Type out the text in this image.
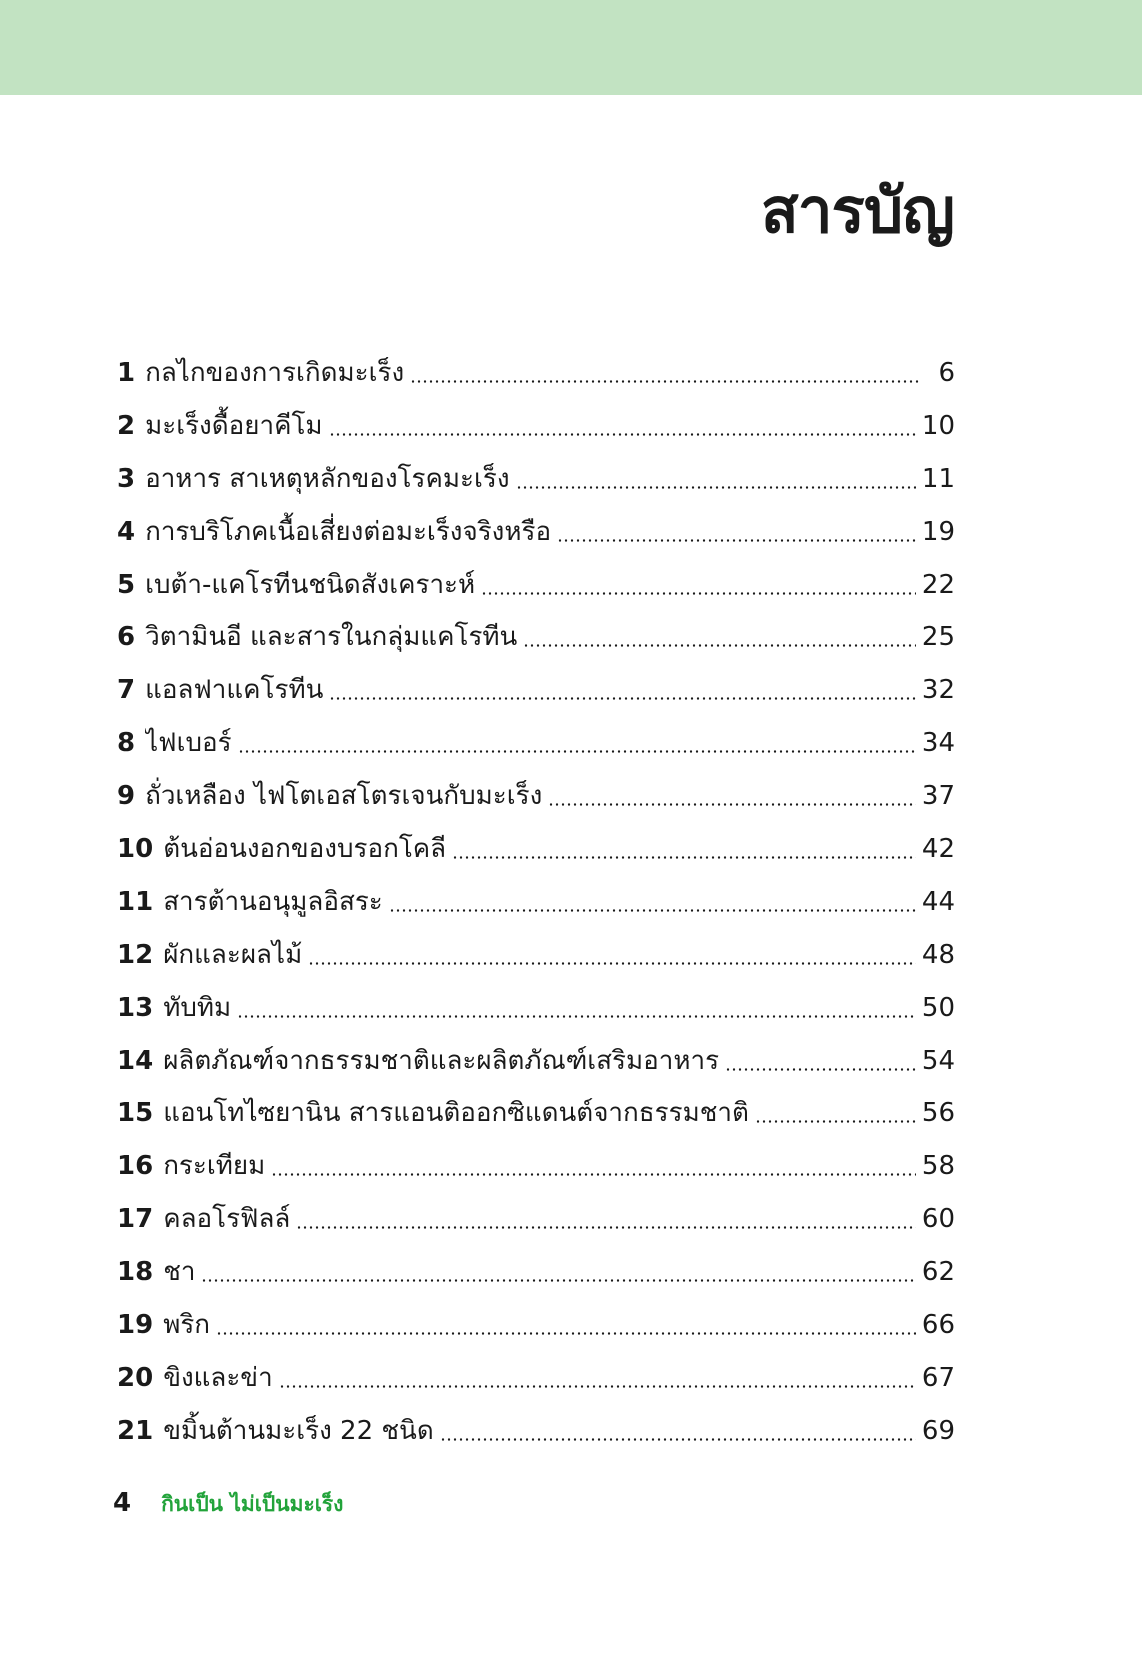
สารบัญ
1 กลไกของการเกิดมะเร็ง	6
2 มะเร็งดื้อยาคีโม	10
3 อาหาร สาเหตุหลักของโรคมะเร็ง	11
4 การบริโภคเนื้อเสี่ยงต่อมะเร็งจริงหรือ	19
5 เบต้า-แคโรทีนชนิดสังเคราะห์	22
6 วิตามินอี และสารในกลุ่มแคโรทีน	25
7 แอลฟาแคโรทีน	32
8 ไฟเบอร์	34
9 ถั่วเหลือง ไฟโตเอสโตรเจนกับมะเร็ง	37
10 ต้นอ่อนงอกของบรอกโคลี	42
11 สารต้านอนุมูลอิสระ	44
12 ผักและผลไม้	48
13 ทับทิม	50
14 ผลิตภัณฑ์จากธรรมชาติและผลิตภัณฑ์เสริมอาหาร	54
15 แอนโทไซยานิน สารแอนติออกซิแดนต์จากธรรมชาติ	56
16 กระเทียม	58
17 คลอโรฟิลล์	60
18 ชา	62
19 พริก	66
20 ขิงและข่า	67
21 ขมิ้นต้านมะเร็ง 22 ชนิด	69
4 กินเป็น ไม่เป็นมะเร็ง
